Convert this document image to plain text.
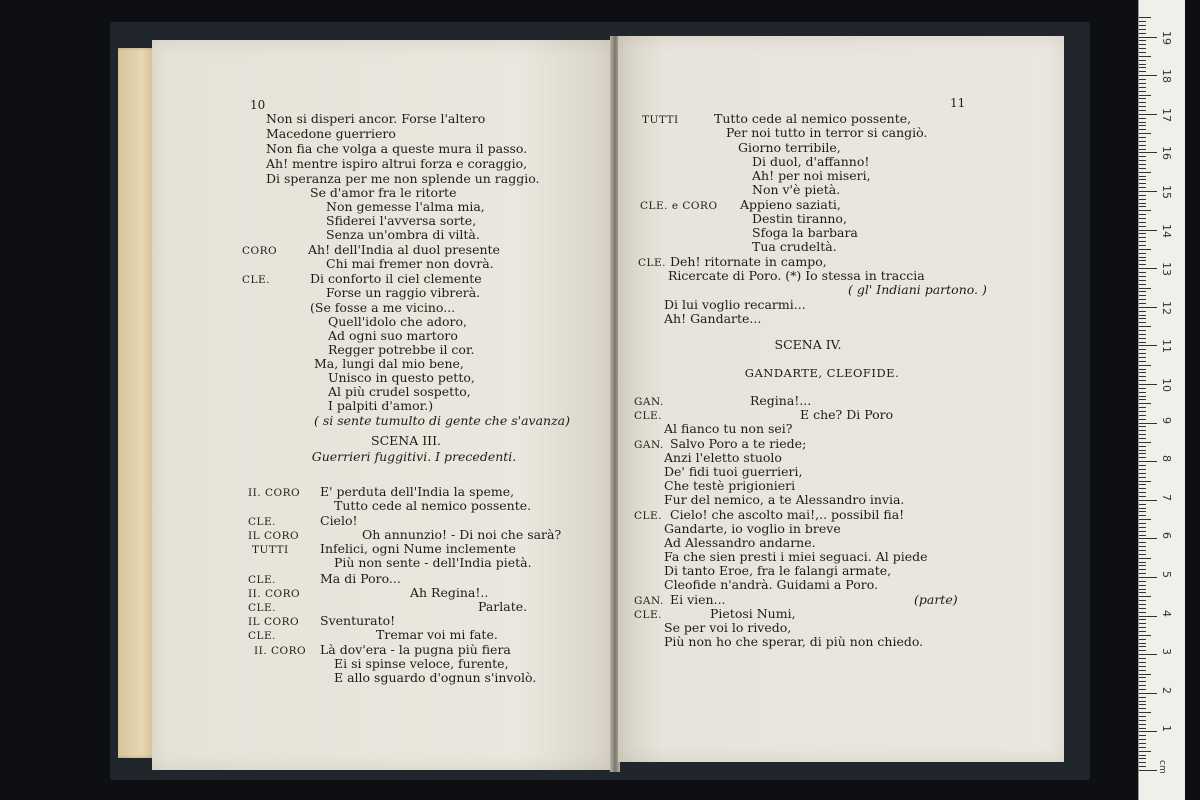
10
SCENA III.
Guerrieri fuggitivi. I precedenti.
Non si disperi ancor. Forse l'altero
Macedone guerriero
Non fia che volga a queste mura il passo.
Ah! mentre ispiro altrui forza e coraggio,
Di speranza per me non splende un raggio.
Se d'amor fra le ritorte
Non gemesse l'alma mia,
Sfiderei l'avversa sorte,
Senza un'ombra di viltà.
CORO Ah! dell'India al duol presente
Chi mai fremer non dovrà.
CLE.	Di conforto il ciel clemente
Forse un raggio vibrerà.
(Se fosse a me vicino...
Quell'idolo che adoro,
Ad ogni suo martoro
Regger potrebbe il cor.
Ma, lungi dal mio bene,
Unisco in questo petto,
Al più crudel sospetto,
I palpiti d'amor.)
( si sente tumulto di gente che s'avanza)
II. CORO E' perduta dell'India la speme,
Tutto cede al nemico possente.
CLE.	Cielo!
IL CORO	Oh annunzio! - Di noi che sarà?
TUTTI	Infelici, ogni Nume inclemente
Più non sente - dell'India pietà.
CLE.	Ma di Poro...
II. CORO	Ah Regina!..
CLE.	Parlate.
IL CORO Sventurato!
CLE.	Tremar voi mi fate.
II. CORO Là dov'era - la pugna più fiera
Ei si spinse veloce, furente,
E allo sguardo d'ognun s'involò.
11
SCENA IV.
GANDARTE, CLEOFIDE.
TUTTI	Tutto cede al nemico possente,
Per noi tutto in terror si cangiò.
Giorno terribile,
Di duol, d'affanno!
Ah! per noi miseri,
Non v'è pietà.
CLE. e CORO Appieno saziati,
Destin tiranno,
Sfoga la barbara
Tua crudeltà.
CLE. Deh! ritornate in campo,
Ricercate di Poro. (*) Io stessa in traccia
( gl' Indiani partono. )
Di lui voglio recarmi...
Ah! Gandarte...
GAN.	Regina!...
CLE.	E che? Di Poro
Al fianco tu non sei?
GAN. Salvo Poro a te riede;
Anzi l'eletto stuolo
De' fidi tuoi guerrieri,
Che testè prigionieri
Fur del nemico, a te Alessandro invia.
CLE. Cielo! che ascolto mai!,.. possibil fia!
Gandarte, io voglio in breve
Ad Alessandro andarne.
Fa che sien presti i miei seguaci. Al piede
Di tanto Eroe, fra le falangi armate,
Cleofide n'andrà. Guidami a Poro.
GAN. Ei vien...	(parte)
CLE.	Pietosi Numi,
Se per voi lo rivedo,
Più non ho che sperar, di più non chiedo.
cm
1
2
3
4
5
6
7
8
9
10
11
12
13
14
15
16
17
18
19
